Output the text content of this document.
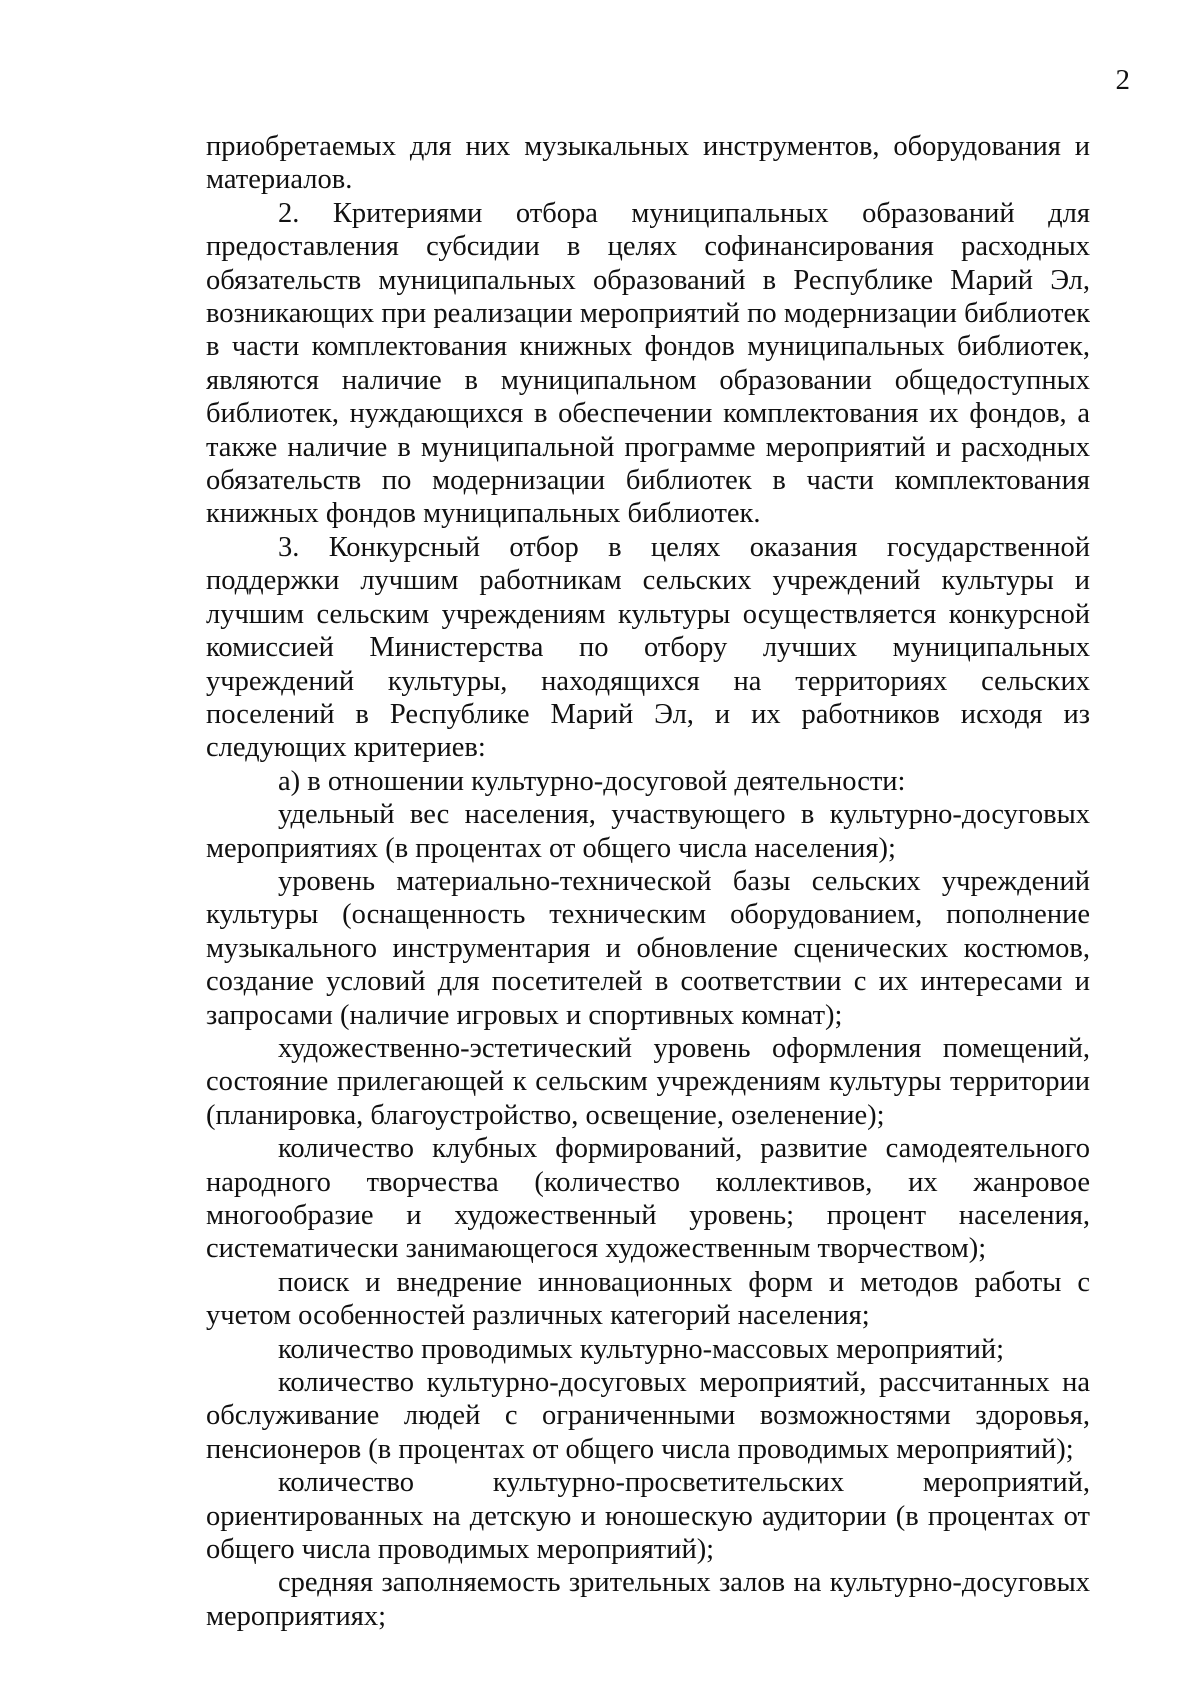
2

приобретаемых для них музыкальных инструментов, оборудования и материалов.

2. Критериями отбора муниципальных образований для предоставления субсидии в целях софинансирования расходных обязательств муниципальных образований в Республике Марий Эл, возникающих при реализации мероприятий по модернизации библиотек в части комплектования книжных фондов муниципальных библиотек, являются наличие в муниципальном образовании общедоступных библиотек, нуждающихся в обеспечении комплектования их фондов, а также наличие в муниципальной программе мероприятий и расходных обязательств по модернизации библиотек в части комплектования книжных фондов муниципальных библиотек.

3. Конкурсный отбор в целях оказания государственной поддержки лучшим работникам сельских учреждений культуры и лучшим сельским учреждениям культуры осуществляется конкурсной комиссией Министерства по отбору лучших муниципальных учреждений культуры, находящихся на территориях сельских поселений в Республике Марий Эл, и их работников исходя из следующих критериев:

а) в отношении культурно-досуговой деятельности:

удельный вес населения, участвующего в культурно-досуговых мероприятиях (в процентах от общего числа населения);

уровень материально-технической базы сельских учреждений культуры (оснащенность техническим оборудованием, пополнение музыкального инструментария и обновление сценических костюмов, создание условий для посетителей в соответствии с их интересами и запросами (наличие игровых и спортивных комнат);

художественно-эстетический уровень оформления помещений, состояние прилегающей к сельским учреждениям культуры территории (планировка, благоустройство, освещение, озеленение);

количество клубных формирований, развитие самодеятельного народного творчества (количество коллективов, их жанровое многообразие и художественный уровень; процент населения, систематически занимающегося художественным творчеством);

поиск и внедрение инновационных форм и методов работы с учетом особенностей различных категорий населения;

количество проводимых культурно-массовых мероприятий;

количество культурно-досуговых мероприятий, рассчитанных на обслуживание людей с ограниченными возможностями здоровья, пенсионеров (в процентах от общего числа проводимых мероприятий);

количество культурно-просветительских мероприятий, ориентированных на детскую и юношескую аудитории (в процентах от общего числа проводимых мероприятий);

средняя заполняемость зрительных залов на культурно-досуговых мероприятиях;
